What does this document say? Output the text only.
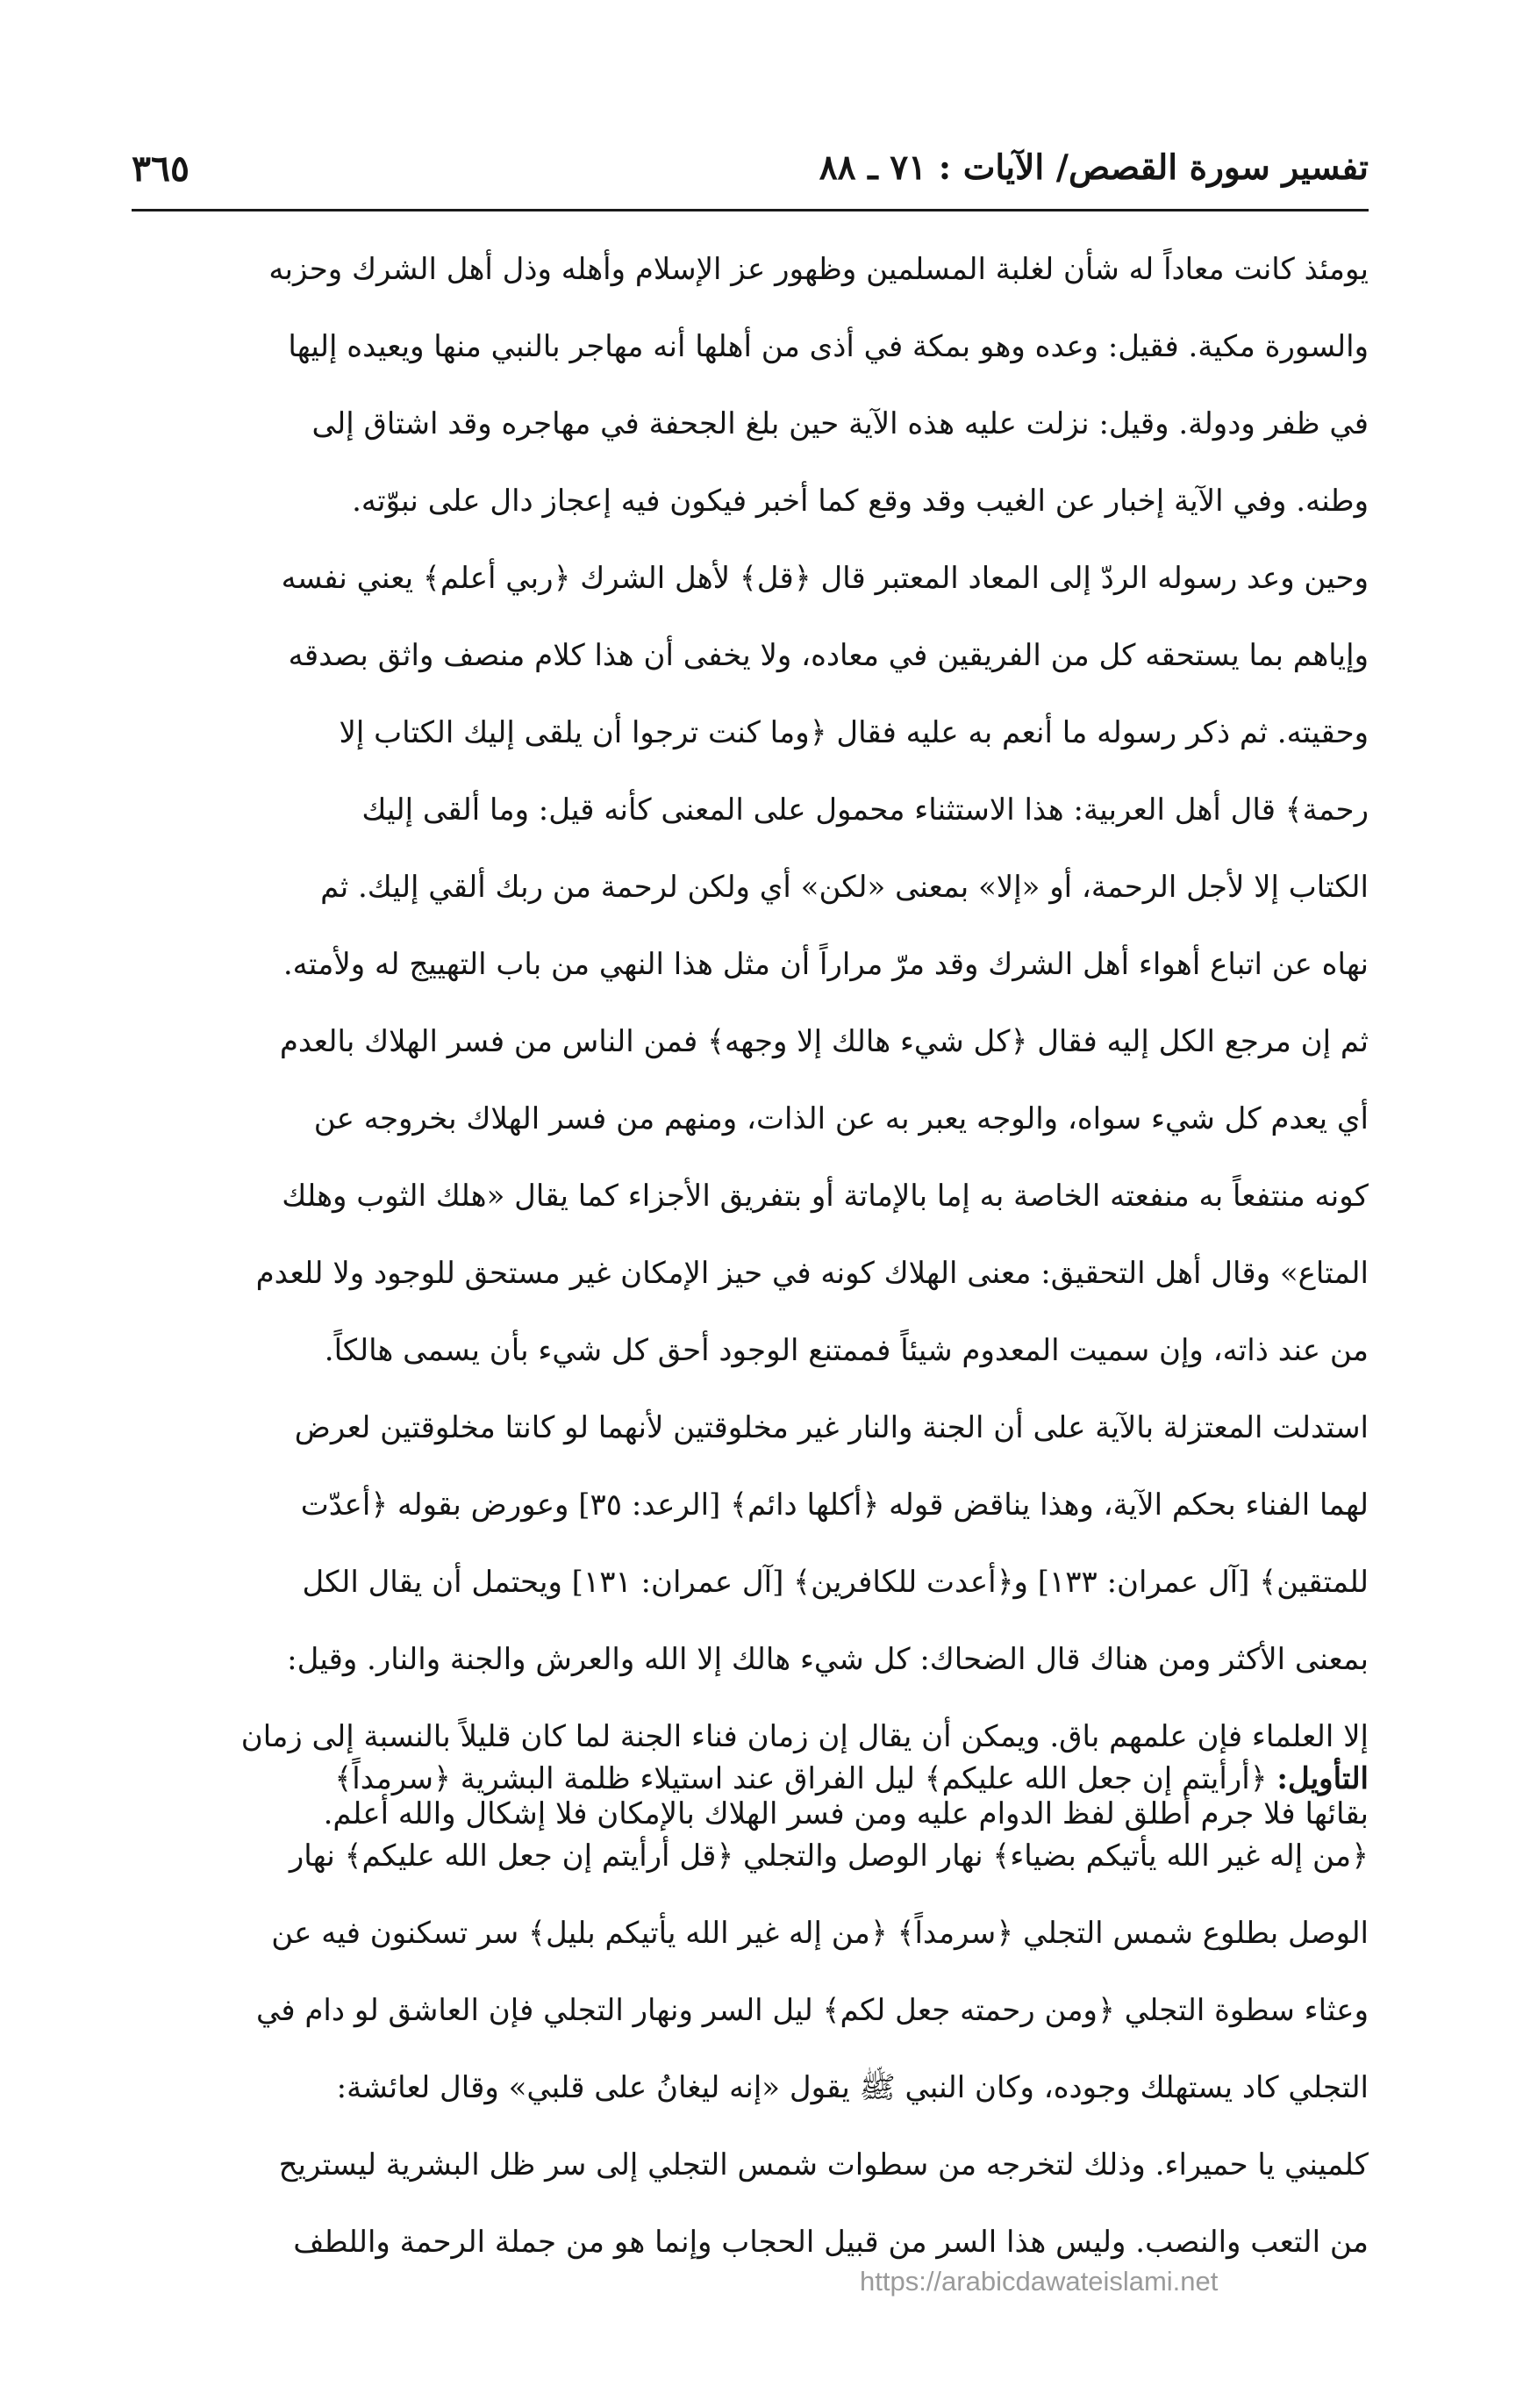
تفسير سورة القصص/ الآيات : ٧١ ـ ٨٨
٣٦٥
يومئذ كانت معاداً له شأن لغلبة المسلمين وظهور عز الإسلام وأهله وذل أهل الشرك وحزبه
والسورة مكية. فقيل: وعده وهو بمكة في أذى من أهلها أنه مهاجر بالنبي منها ويعيده إليها
في ظفر ودولة. وقيل: نزلت عليه هذه الآية حين بلغ الجحفة في مهاجره وقد اشتاق إلى
وطنه. وفي الآية إخبار عن الغيب وقد وقع كما أخبر فيكون فيه إعجاز دال على نبوّته.
وحين وعد رسوله الردّ إلى المعاد المعتبر قال ﴿قل﴾ لأهل الشرك ﴿ربي أعلم﴾ يعني نفسه
وإياهم بما يستحقه كل من الفريقين في معاده، ولا يخفى أن هذا كلام منصف واثق بصدقه
وحقيته. ثم ذكر رسوله ما أنعم به عليه فقال ﴿وما كنت ترجوا أن يلقى إليك الكتاب إلا
رحمة﴾ قال أهل العربية: هذا الاستثناء محمول على المعنى كأنه قيل: وما ألقى إليك
الكتاب إلا لأجل الرحمة، أو «إلا» بمعنى «لكن» أي ولكن لرحمة من ربك ألقي إليك. ثم
نهاه عن اتباع أهواء أهل الشرك وقد مرّ مراراً أن مثل هذا النهي من باب التهييج له ولأمته.
ثم إن مرجع الكل إليه فقال ﴿كل شيء هالك إلا وجهه﴾ فمن الناس من فسر الهلاك بالعدم
أي يعدم كل شيء سواه، والوجه يعبر به عن الذات، ومنهم من فسر الهلاك بخروجه عن
كونه منتفعاً به منفعته الخاصة به إما بالإماتة أو بتفريق الأجزاء كما يقال «هلك الثوب وهلك
المتاع» وقال أهل التحقيق: معنى الهلاك كونه في حيز الإمكان غير مستحق للوجود ولا للعدم
من عند ذاته، وإن سميت المعدوم شيئاً فممتنع الوجود أحق كل شيء بأن يسمى هالكاً.
استدلت المعتزلة بالآية على أن الجنة والنار غير مخلوقتين لأنهما لو كانتا مخلوقتين لعرض
لهما الفناء بحكم الآية، وهذا يناقض قوله ﴿أكلها دائم﴾ [الرعد: ٣٥] وعورض بقوله ﴿أعدّت
للمتقين﴾ [آل عمران: ١٣٣] و﴿أعدت للكافرين﴾ [آل عمران: ١٣١] ويحتمل أن يقال الكل
بمعنى الأكثر ومن هناك قال الضحاك: كل شيء هالك إلا الله والعرش والجنة والنار. وقيل:
إلا العلماء فإن علمهم باق. ويمكن أن يقال إن زمان فناء الجنة لما كان قليلاً بالنسبة إلى زمان
بقائها فلا جرم أطلق لفظ الدوام عليه ومن فسر الهلاك بالإمكان فلا إشكال والله أعلم.
التأويل: ﴿أرأيتم إن جعل الله عليكم﴾ ليل الفراق عند استيلاء ظلمة البشرية ﴿سرمداً﴾
﴿من إله غير الله يأتيكم بضياء﴾ نهار الوصل والتجلي ﴿قل أرأيتم إن جعل الله عليكم﴾ نهار
الوصل بطلوع شمس التجلي ﴿سرمداً﴾ ﴿من إله غير الله يأتيكم بليل﴾ سر تسكنون فيه عن
وعثاء سطوة التجلي ﴿ومن رحمته جعل لكم﴾ ليل السر ونهار التجلي فإن العاشق لو دام في
التجلي كاد يستهلك وجوده، وكان النبي ﷺ يقول «إنه ليغانُ على قلبي» وقال لعائشة:
كلميني يا حميراء. وذلك لتخرجه من سطوات شمس التجلي إلى سر ظل البشرية ليستريح
من التعب والنصب. وليس هذا السر من قبيل الحجاب وإنما هو من جملة الرحمة واللطف
https://arabicdawateislami.net
